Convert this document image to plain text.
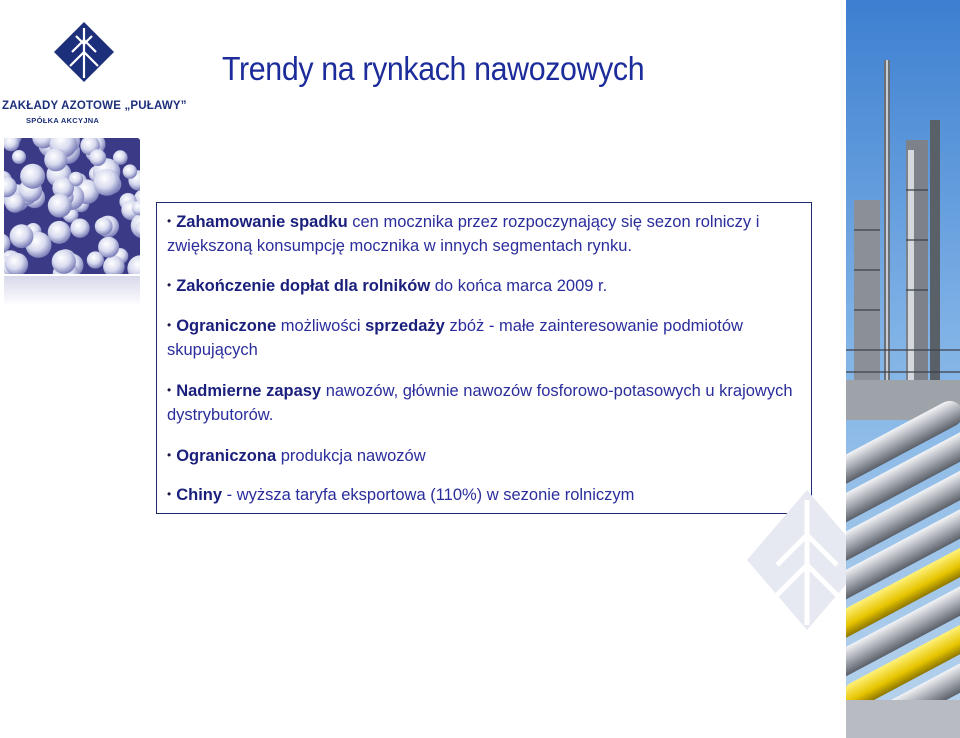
ZAKŁADY AZOTOWE „PUŁAWY”
SPÓŁKA AKCYJNA
Trendy na rynkach nawozowych
• Zahamowanie spadku cen mocznika przez rozpoczynający się sezon rolniczy i zwiększoną konsumpcję mocznika w innych segmentach rynku.
• Zakończenie dopłat dla rolników do końca marca 2009 r.
• Ograniczone możliwości sprzedaży zbóż - małe zainteresowanie podmiotów skupujących
• Nadmierne zapasy nawozów, głównie nawozów fosforowo-potasowych u krajowych dystrybutorów.
• Ograniczona produkcja nawozów
• Chiny - wyższa taryfa eksportowa (110%) w sezonie rolniczym
